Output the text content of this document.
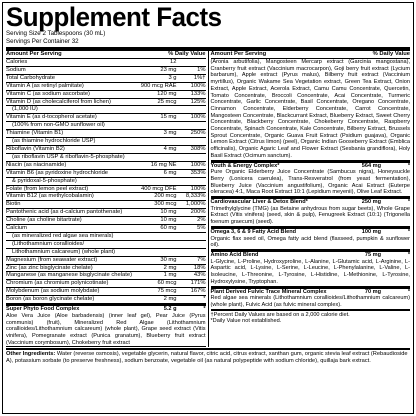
Supplement Facts
Serving Size 2 Tablespoons (30 mL)
Servings Per Container 32
Amount Per Serving	% Daily Value
Calories	12
Sodium	23 mg	1%
Total Carbohydrate	3 g	1%†
Vitamin A (as retinyl palmitate)	900 mcg RAE	100%
Vitamin C (as sodium ascorbate)	120 mg	133%
Vitamin D (as cholecalciferol from lichen)	25 mcg	125%
(1,000 IU)
Vitamin E (as d-tocopherol acetate)	15 mg	100%
(100% from non-GMO sunflower oil)
Thiamine (Vitamin B1)	3 mg	250%
(as thiamine hydrochloride USP)
Riboflavin (Vitamin B2)	4 mg	308%
(as riboflavin USP & riboflavin-5-phosphate)
Niacin (as niacinamide)	16 mg NE	100%
Vitamin B6 (as pyridoxine hydrochloride	6 mg	353%
& pyridoxal-5-phosphate)
Folate (from lemon peel extract)	400 mcg DFE	100%
Vitamin B12 (as methylcobalamin)	200 mcg	8,333%
Biotin	300 mcg	1,000%
Pantothenic acid (as d-calcium pantothenate)	10 mg	200%
Choline (as choline bitartrate)	10 mg	2%
Calcium	60 mg	5%
(as mineralized red algae sea minerals)
(Lithothamnium corallioides/
Lithothamnium calcareum) (whole plant)
Magnesium (from seawater extract)	30 mg	7%
Zinc (as zinc bisglycinate chelate)	2 mg	18%
Manganese (as manganese bisglycinate chelate)	1 mg	43%
Chromium (as chromium polynicotinate)	60 mcg	171%
Molybdenum (as sodium molybdate)	75 mcg	167%
Boron (as boron glycinate chelate)	2 mg	*
Super Phyto Food Complex	5.2 g	*
Aloe Vera Juice (Aloe barbadensis) (inner leaf gel), Pear Juice (Pyrus communis) (fruit), Mineralized Red Algae (Lithothamnium corallioides/Lithothamnium calcareum) (whole plant), Grape seed extract (Vitis vinifera), Pomegranate extract (Punica granatum), Blueberry fruit extract (Vaccinium corymbosum), Chokeberry fruit extract
Amount Per Serving	% Daily Value
(Aronia arbutifolia), Mangosteen Mercarp extract (Garcinia mangostana), Cranberry fruit extract (Vaccinium macrocarpon), Goji berry fruit extract (Lycium barbarum), Apple extract (Pyrus malus), Bilberry fruit extract (Vaccinium myrtillus), Organic Wakame Sea Vegetation extract, Green Tea Extract, Onion Extract, Apple Extract, Acerola Extract, Camu Camu Concentrate, Quercetin, Tomato Concentrate, Broccoli Concentrate, Acai Concentrate, Turmeric Concentrate, Garlic Concentrate, Basil Concentrate, Oregano Concentrate, Cinnamon Concentrate, Elderberry Concentrate, Carrot Concentrate, Mangosteen Concentrate, Blackcurrant Extract, Blueberry Extract, Sweet Cherry Concentrate, Blackberry Concentrate, Chokeberry Concentrate, Raspberry Concentrate, Spinach Concentrate, Kale Concentrate, Bilberry Extract, Brussels Sprout Concentrate, Organic Guava Fruit Extract (Psidium guajava), Organic Lemon Extract (Citrus limon) (peel), Organic Indian Gooseberry Extract (Emblica officinalis), Organic Agaric Leaf and Flower Extract (Sesbania grandiflora), Holy Basil Extract (Ocimum sanctum).
Youth & Energy Complex*	564 mg	*
Pure Organic Elderberry Juice Concentrate (Sambucus nigra), Honeysuckle Berry (Lonicera caerulea), Trans-Resveratrol (from yeast fermentation), Blueberry Juice (Vaccinium angustifolium), Organic Acai Extract (Euterpe oleracea) 4:1, Maca Root Extract 10:1 (Lepidium meyenii), Olive Leaf Extract.
Cardiovascular Liver & Detox Blend*	250 mg	*
Trimethylglycine (TMG) (as Betaine anhydrous from sugar beets), Whole Grape Extract (Vitis vinifera) (seed, skin & pulp), Fenugreek Extract (10:1) (Trigonella foenum graecum) (seed).
Omega 3, 6 & 9 Fatty Acid Blend	100 mg	*
Organic flax seed oil, Omega fatty acid blend (flaxseed, pumpkin & sunflower oil).
Amino Acid Blend	75 mg	*
L-Glycine, L-Proline, Hydroxyproline, L-Alanine, L-Glutamic acid, L-Arginine, L-Aspartic acid, L-Lysine, L-Serine, L-Leucine, L-Phenylalanine, L-Valine, L-Isoleucine, L-Threonine, L-Tyrosine, L-Histidine, L-Methionine, L-Tyrosine, Hydroxylysine, Tryptophan.
Plant Derived Fulvic Trace Mineral Complex	70 mg	*
Red algae sea minerals (Lithothamnium corallioides/Lithothamnium calcareum) (whole plant), Fulvic Acid (as fulvic mineral complex).
†Percent Daily Values are based on a 2,000 calorie diet.
*Daily Value not established.
Other Ingredients: Water (reverse osmosis), vegetable glycerin, natural flavor, citric acid, citrus extract, xanthan gum, organic stevia leaf extract (Rebaudioside A), potassium sorbate (to preserve freshness), sodium benzoate, vegetable oil (as natural polypeptide with sodium chloride), quillaja bark extract.
